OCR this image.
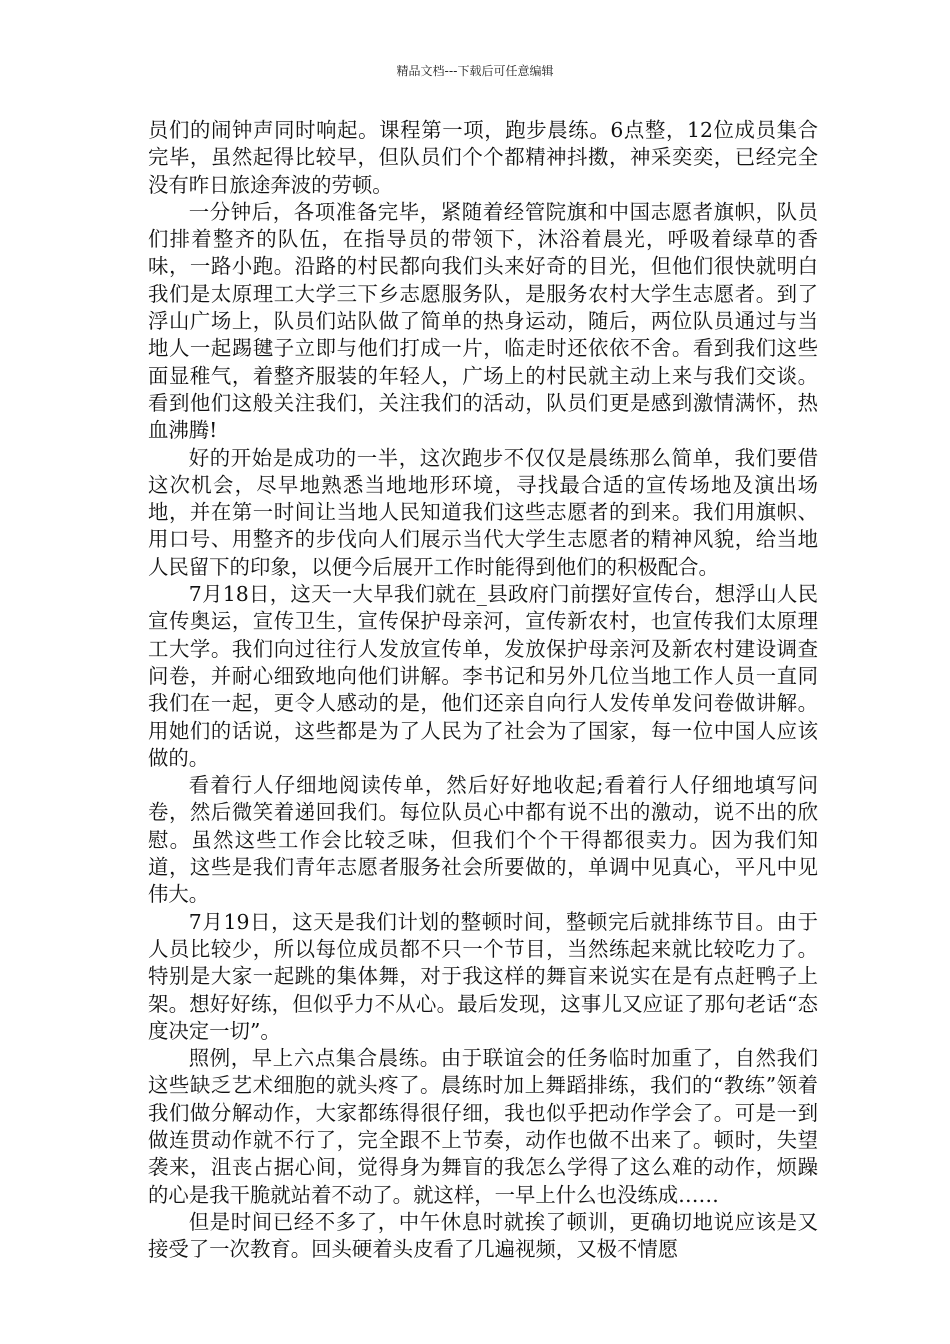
精品文档---下载后可任意编辑

员们的闹钟声同时响起。课程第一项，跑步晨练。6点整，12位成员集合完毕，虽然起得比较早，但队员们个个都精神抖擞，神采奕奕，已经完全没有昨日旅途奔波的劳顿。

一分钟后，各项准备完毕，紧随着经管院旗和中国志愿者旗帜，队员们排着整齐的队伍，在指导员的带领下，沐浴着晨光，呼吸着绿草的香味，一路小跑。沿路的村民都向我们头来好奇的目光，但他们很快就明白我们是太原理工大学三下乡志愿服务队，是服务农村大学生志愿者。到了浮山广场上，队员们站队做了简单的热身运动，随后，两位队员通过与当地人一起踢毽子立即与他们打成一片，临走时还依依不舍。看到我们这些面显稚气，着整齐服装的年轻人，广场上的村民就主动上来与我们交谈。看到他们这般关注我们，关注我们的活动，队员们更是感到激情满怀，热血沸腾!

好的开始是成功的一半，这次跑步不仅仅是晨练那么简单，我们要借这次机会，尽早地熟悉当地地形环境，寻找最合适的宣传场地及演出场地，并在第一时间让当地人民知道我们这些志愿者的到来。我们用旗帜、用口号、用整齐的步伐向人们展示当代大学生志愿者的精神风貌，给当地人民留下的印象，以便今后展开工作时能得到他们的积极配合。

7月18日，这天一大早我们就在_县政府门前摆好宣传台，想浮山人民宣传奥运，宣传卫生，宣传保护母亲河，宣传新农村，也宣传我们太原理工大学。我们向过往行人发放宣传单，发放保护母亲河及新农村建设调查问卷，并耐心细致地向他们讲解。李书记和另外几位当地工作人员一直同我们在一起，更令人感动的是，他们还亲自向行人发传单发问卷做讲解。用她们的话说，这些都是为了人民为了社会为了国家，每一位中国人应该做的。

看着行人仔细地阅读传单，然后好好地收起;看着行人仔细地填写问卷，然后微笑着递回我们。每位队员心中都有说不出的激动，说不出的欣慰。虽然这些工作会比较乏味，但我们个个干得都很卖力。因为我们知道，这些是我们青年志愿者服务社会所要做的，单调中见真心，平凡中见伟大。

7月19日，这天是我们计划的整顿时间，整顿完后就排练节目。由于人员比较少，所以每位成员都不只一个节目，当然练起来就比较吃力了。特别是大家一起跳的集体舞，对于我这样的舞盲来说实在是有点赶鸭子上架。想好好练，但似乎力不从心。最后发现，这事儿又应证了那句老话“态度决定一切”。

照例，早上六点集合晨练。由于联谊会的任务临时加重了，自然我们这些缺乏艺术细胞的就头疼了。晨练时加上舞蹈排练，我们的“教练”领着我们做分解动作，大家都练得很仔细，我也似乎把动作学会了。可是一到做连贯动作就不行了，完全跟不上节奏，动作也做不出来了。顿时，失望袭来，沮丧占据心间，觉得身为舞盲的我怎么学得了这么难的动作，烦躁的心是我干脆就站着不动了。就这样，一早上什么也没练成……

但是时间已经不多了，中午休息时就挨了顿训，更确切地说应该是又接受了一次教育。回头硬着头皮看了几遍视频，又极不情愿
